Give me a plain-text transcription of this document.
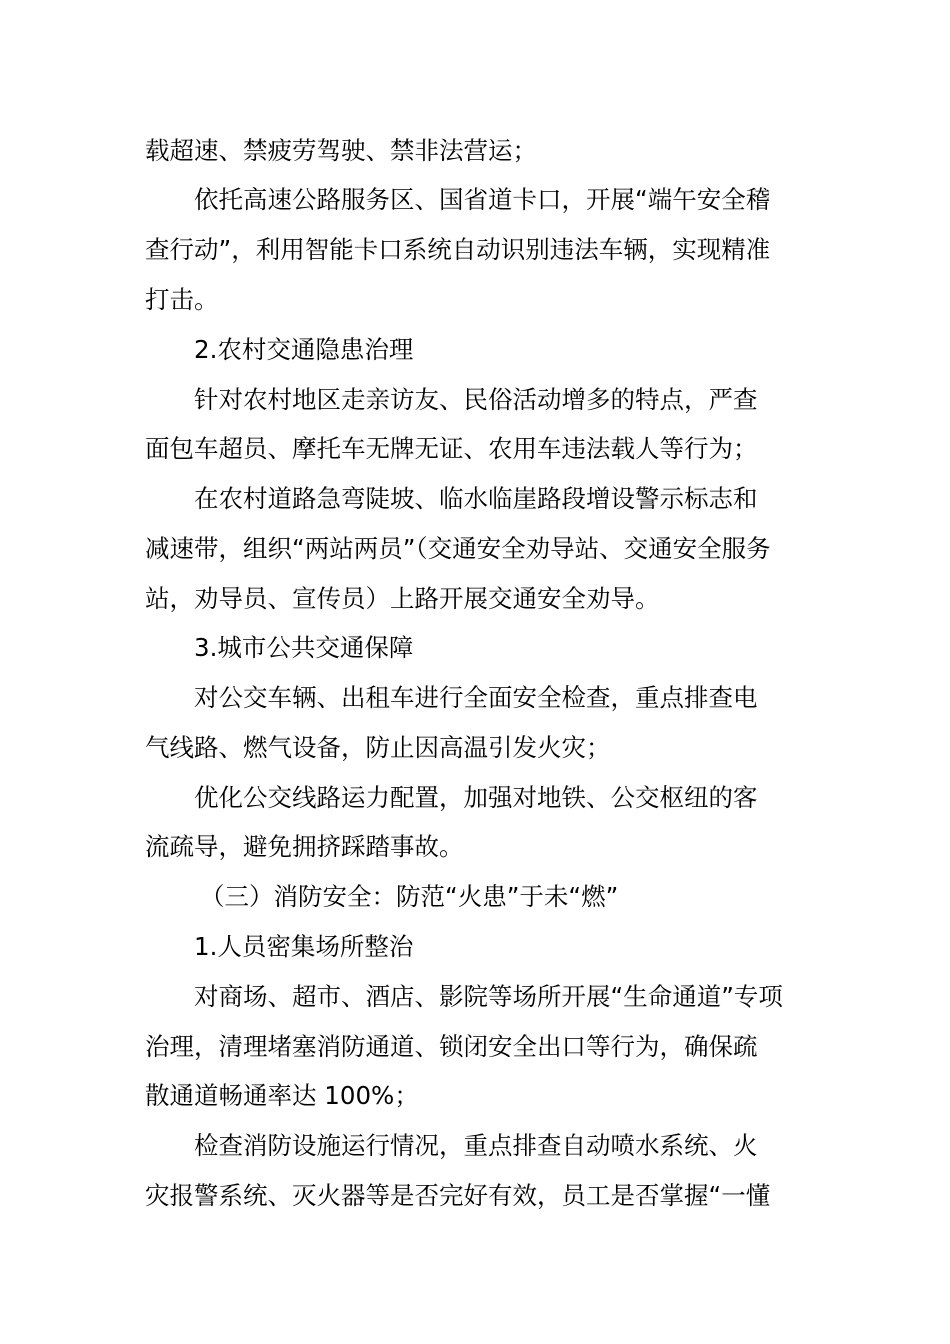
载超速、禁疲劳驾驶、禁非法营运；
依托高速公路服务区、国省道卡口，开展“端午安全稽
查行动”，利用智能卡口系统自动识别违法车辆，实现精准
打击。
2.农村交通隐患治理
针对农村地区走亲访友、民俗活动增多的特点，严查
面包车超员、摩托车无牌无证、农用车违法载人等行为；
在农村道路急弯陡坡、临水临崖路段增设警示标志和
减速带，组织“两站两员”（交通安全劝导站、交通安全服务
站，劝导员、宣传员）上路开展交通安全劝导。
3.城市公共交通保障
对公交车辆、出租车进行全面安全检查，重点排查电
气线路、燃气设备，防止因高温引发火灾；
优化公交线路运力配置，加强对地铁、公交枢纽的客
流疏导，避免拥挤踩踏事故。
（三）消防安全：防范“火患”于未“燃”
1.人员密集场所整治
对商场、超市、酒店、影院等场所开展“生命通道”专项
治理，清理堵塞消防通道、锁闭安全出口等行为，确保疏
散通道畅通率达 100%；
检查消防设施运行情况，重点排查自动喷水系统、火
灾报警系统、灭火器等是否完好有效，员工是否掌握“一懂
